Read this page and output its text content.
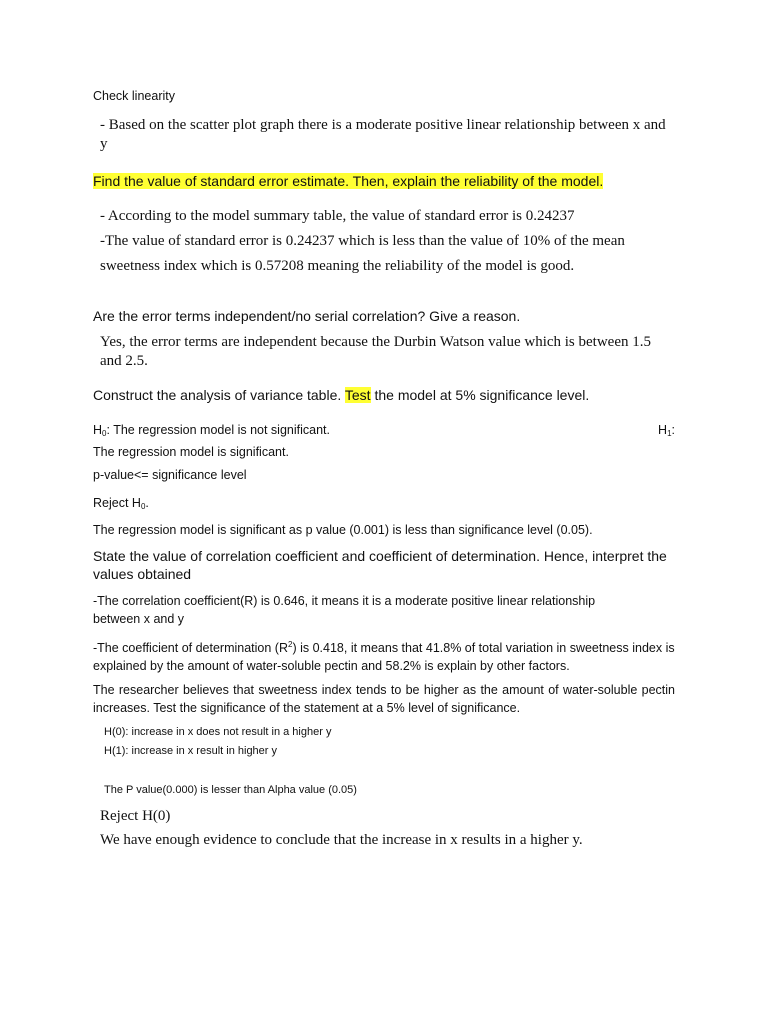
Check linearity

- Based on the scatter plot graph there is a moderate positive linear relationship between x and y

Find the value of standard error estimate. Then, explain the reliability of the model.

- According to the model summary table, the value of standard error is 0.24237

-The value of standard error is 0.24237 which is less than the value of 10% of the mean sweetness index which is 0.57208 meaning the reliability of the model is good.

Are the error terms independent/no serial correlation? Give a reason.

Yes, the error terms are independent because the Durbin Watson value which is between 1.5 and 2.5.

Construct the analysis of variance table. Test the model at 5% significance level.

$H_0$: The regression model is not significant.	$H_1$:
The regression model is significant.

p-value<= significance level

Reject $H_0$.

The regression model is significant as p value (0.001) is less than significance level (0.05).

State the value of correlation coefficient and coefficient of determination. Hence, interpret the values obtained

-The correlation coefficient(R) is 0.646, it means it is a moderate positive linear relationship between x and y

-The coefficient of determination $(R^2)$ is 0.418, it means that 41.8% of total variation in sweetness index is explained by the amount of water-soluble pectin and 58.2% is explain by other factors.

The researcher believes that sweetness index tends to be higher as the amount of water-soluble pectin increases. Test the significance of the statement at a 5% level of significance.

H(0): increase in x does not result in a higher y

H(1): increase in x result in higher y

The P value(0.000) is lesser than Alpha value (0.05)

Reject H(0)

We have enough evidence to conclude that the increase in x results in a higher y.
